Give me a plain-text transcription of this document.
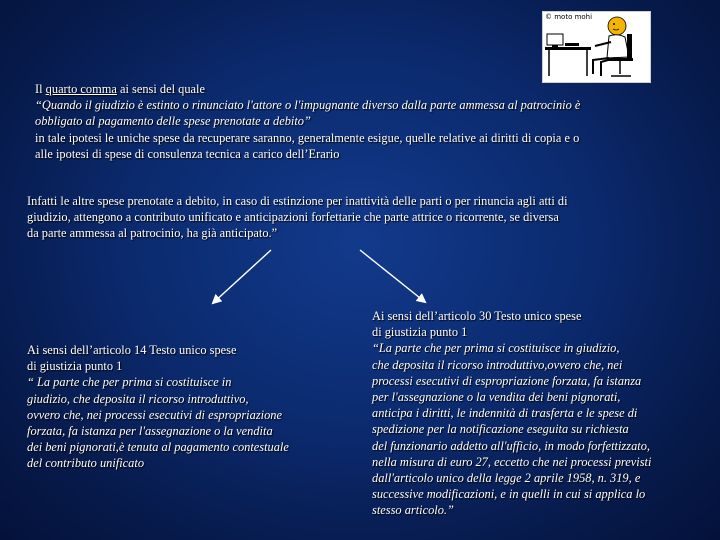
© moto mohi
Il quarto comma ai sensi del quale
“Quando il giudizio è estinto o rinunciato l'attore o l'impugnante diverso dalla parte ammessa al patrocinio è
obbligato al pagamento delle spese prenotate a debito”
in tale ipotesi le uniche spese da recuperare saranno, generalmente esigue, quelle relative ai diritti di copia e o
alle ipotesi di spese di consulenza tecnica a carico dell’Erario
Infatti le altre spese prenotate a debito, in caso di estinzione per inattività delle parti o per rinuncia agli atti di
giudizio, attengono a contributo unificato e anticipazioni forfettarie che parte attrice o ricorrente, se diversa
da parte ammessa al patrocinio, ha già anticipato.”
Ai sensi dell’articolo 14 Testo unico spese
di giustizia punto 1
“ La parte che per prima si costituisce in
giudizio, che deposita il ricorso introduttivo,
ovvero che, nei processi esecutivi di espropriazione
forzata, fa istanza per l'assegnazione o la vendita
dei beni pignorati,è tenuta al pagamento contestuale
del contributo unificato
Ai sensi dell’articolo 30 Testo unico spese
di giustizia punto 1
“La parte che per prima si costituisce in giudizio,
che deposita il ricorso introduttivo,ovvero che, nei
processi esecutivi di espropriazione forzata, fa istanza
per l'assegnazione o la vendita dei beni pignorati,
anticipa i diritti, le indennità di trasferta e le spese di
spedizione per la notificazione eseguita su richiesta
del funzionario addetto all'ufficio, in modo forfettizzato,
nella misura di euro 27, eccetto che nei processi previsti
dall'articolo unico della legge 2 aprile 1958, n. 319, e
successive modificazioni, e in quelli in cui si applica lo
stesso articolo.”
